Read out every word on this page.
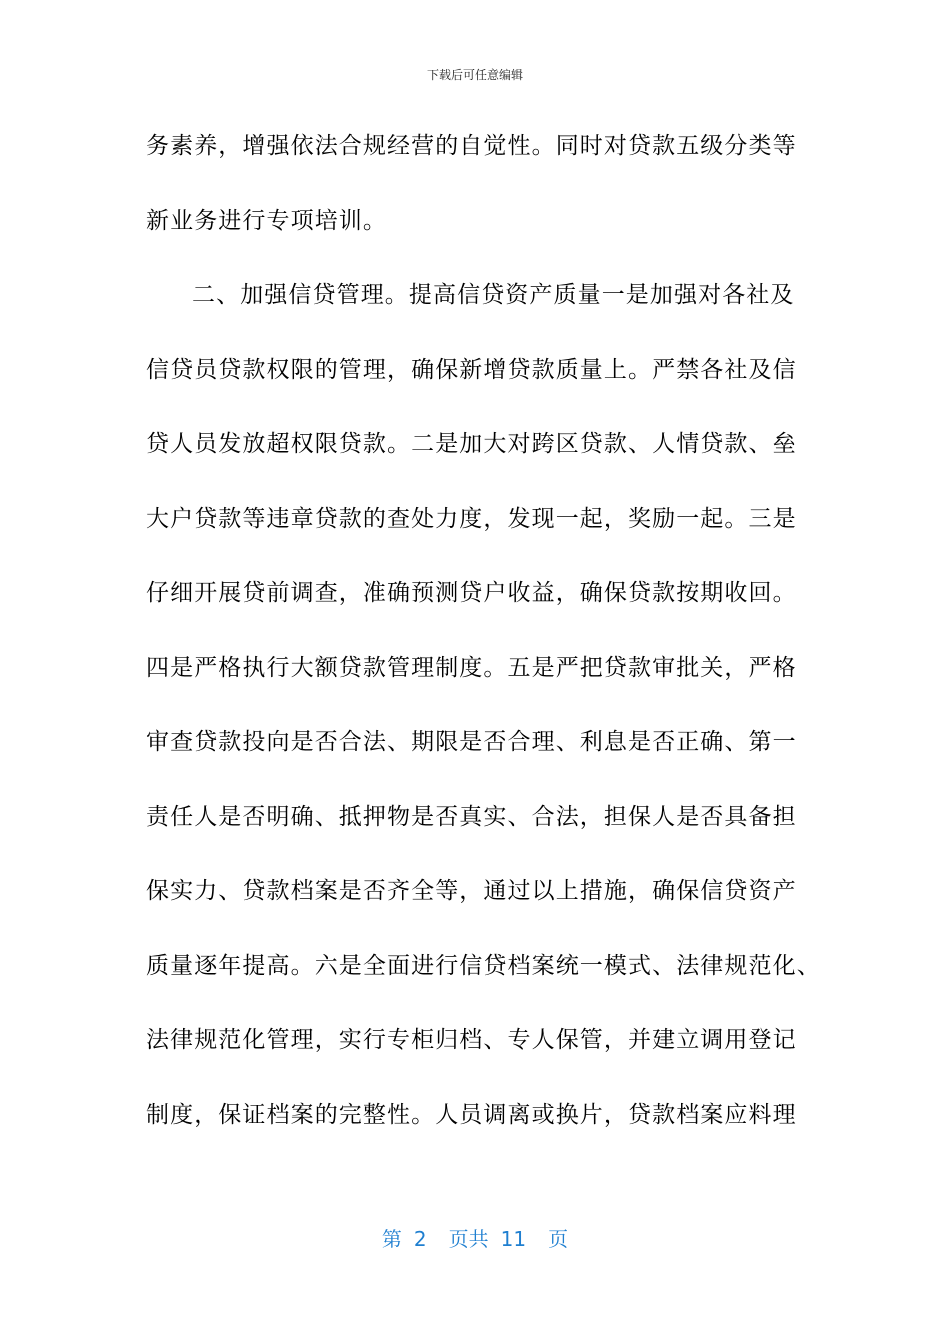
下载后可任意编辑
务素养，增强依法合规经营的自觉性。同时对贷款五级分类等
新业务进行专项培训。
二、加强信贷管理。提高信贷资产质量一是加强对各社及
信贷员贷款权限的管理，确保新增贷款质量上。严禁各社及信
贷人员发放超权限贷款。二是加大对跨区贷款、人情贷款、垒
大户贷款等违章贷款的查处力度，发现一起，奖励一起。三是
仔细开展贷前调查，准确预测贷户收益，确保贷款按期收回。
四是严格执行大额贷款管理制度。五是严把贷款审批关，严格
审查贷款投向是否合法、期限是否合理、利息是否正确、第一
责任人是否明确、抵押物是否真实、合法，担保人是否具备担
保实力、贷款档案是否齐全等，通过以上措施，确保信贷资产
质量逐年提高。六是全面进行信贷档案统一模式、法律规范化、
法律规范化管理，实行专柜归档、专人保管，并建立调用登记
制度，保证档案的完整性。人员调离或换片，贷款档案应料理
第 2 页共 11 页
